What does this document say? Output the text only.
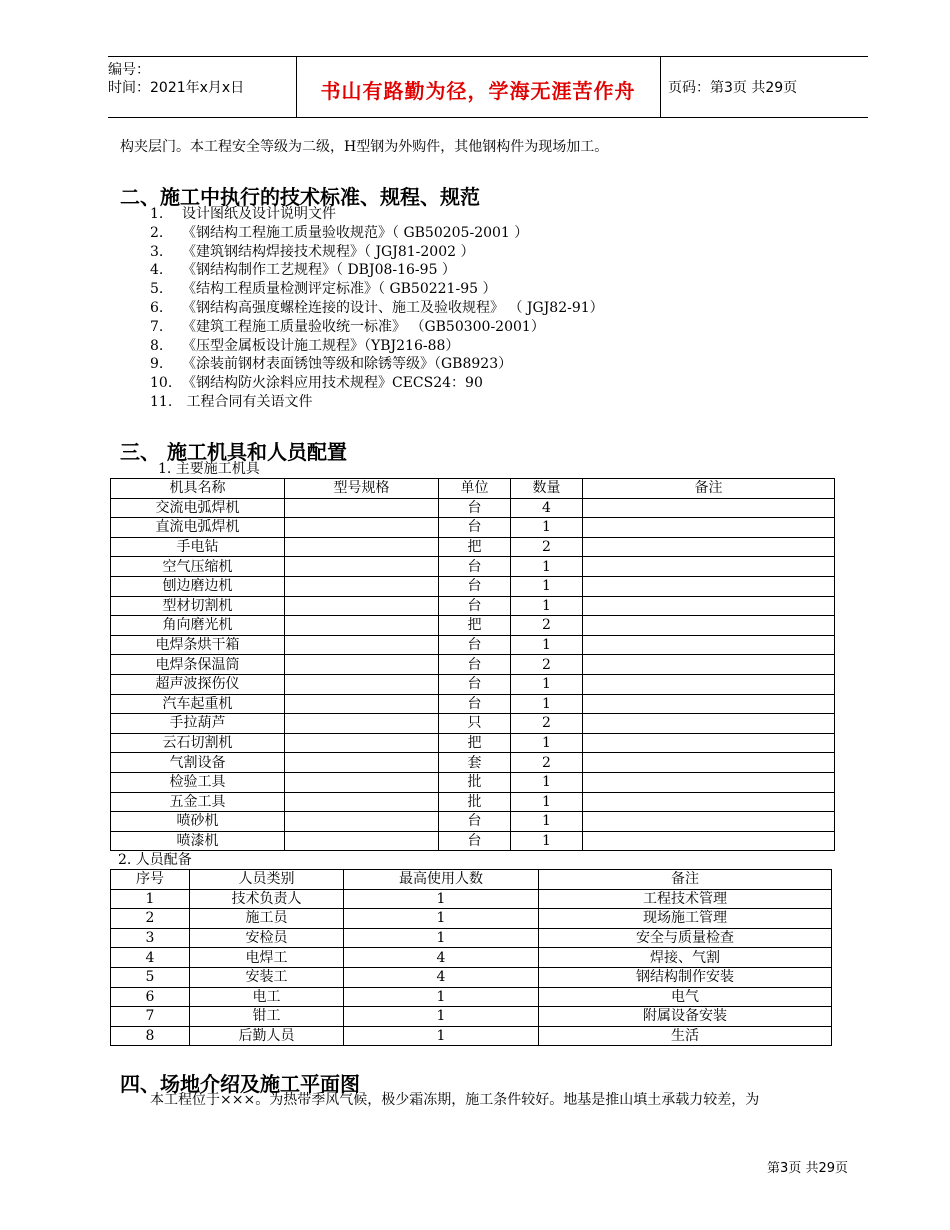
编号：
时间：2021年x月x日	书山有路勤为径，学海无涯苦作舟	页码：第3页 共29页
构夹层门。本工程安全等级为二级，H型钢为外购件，其他钢构件为现场加工。
二、施工中执行的技术标准、规程、规范
1. 设计图纸及设计说明文件
2. 《钢结构工程施工质量验收规范》（ GB50205-2001 ）
3. 《建筑钢结构焊接技术规程》（ JGJ81-2002 ）
4. 《钢结构制作工艺规程》（ DBJ08-16-95 ）
5. 《结构工程质量检测评定标准》（ GB50221-95 ）
6. 《钢结构高强度螺栓连接的设计、施工及验收规程》 （ JGJ82-91）
7. 《建筑工程施工质量验收统一标准》 （GB50300-2001）
8. 《压型金属板设计施工规程》（YBJ216-88）
9. 《涂装前钢材表面锈蚀等级和除锈等级》（GB8923）
10. 《钢结构防火涂料应用技术规程》CECS24：90
11. 工程合同有关语文件
三、 施工机具和人员配置
1. 主要施工机具
机具名称	型号规格	单位	数量	备注
交流电弧焊机		台	4	
直流电弧焊机		台	1	
手电钻		把	2	
空气压缩机		台	1	
刨边磨边机		台	1	
型材切割机		台	1	
角向磨光机		把	2	
电焊条烘干箱		台	1	
电焊条保温筒		台	2	
超声波探伤仪		台	1	
汽车起重机		台	1	
手拉葫芦		只	2	
云石切割机		把	1	
气割设备		套	2	
检验工具		批	1	
五金工具		批	1	
喷砂机		台	1	
喷漆机		台	1	
2. 人员配备
序号	人员类别	最高使用人数	备注
1	技术负责人	1	工程技术管理
2	施工员	1	现场施工管理
3	安检员	1	安全与质量检查
4	电焊工	4	焊接、气割
5	安装工	4	钢结构制作安装
6	电工	1	电气
7	钳工	1	附属设备安装
8	后勤人员	1	生活
四、场地介绍及施工平面图
本工程位于×××。为热带季风气候，极少霜冻期，施工条件较好。地基是推山填土承载力较差，为
第3页 共29页
